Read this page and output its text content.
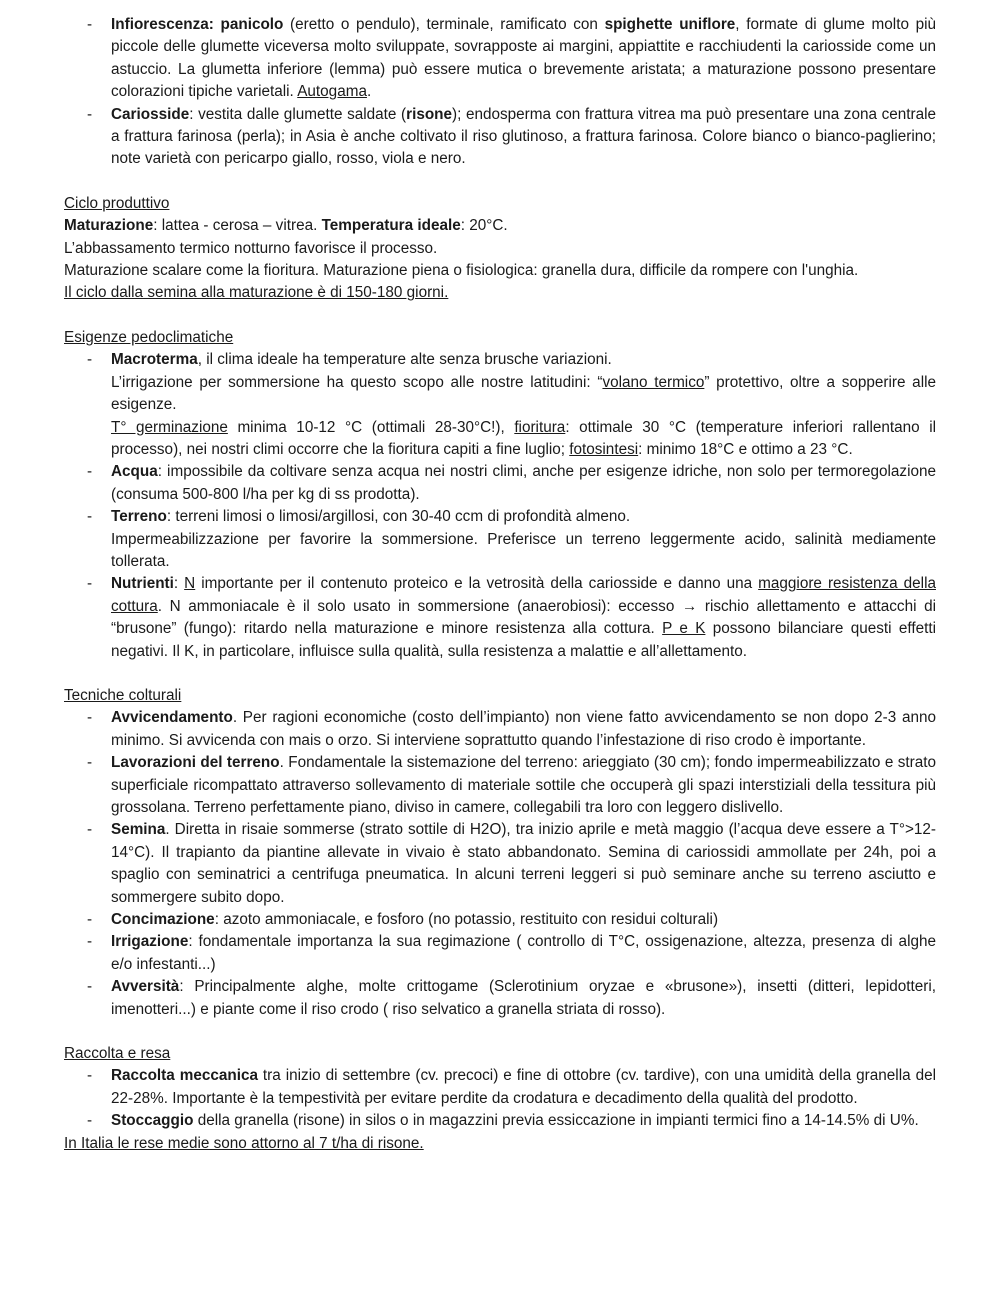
- Infiorescenza: panicolo (eretto o pendulo), terminale, ramificato con spighette uniflore, formate di glume molto più piccole delle glumette viceversa molto sviluppate, sovrapposte ai margini, appiattite e racchiudenti la cariosside come un astuccio. La glumetta inferiore (lemma) può essere mutica o brevemente aristata; a maturazione possono presentare colorazioni tipiche varietali. Autogama.
- Cariosside: vestita dalle glumette saldate (risone); endosperma con frattura vitrea ma può presentare una zona centrale a frattura farinosa (perla); in Asia è anche coltivato il riso glutinoso, a frattura farinosa. Colore bianco o bianco-paglierino; note varietà con pericarpo giallo, rosso, viola e nero.

Ciclo produttivo

Maturazione: lattea - cerosa – vitrea. Temperatura ideale: 20°C.

L’abbassamento termico notturno favorisce il processo.

Maturazione scalare come la fioritura. Maturazione piena o fisiologica: granella dura, difficile da rompere con l'unghia.

Il ciclo dalla semina alla maturazione è di 150-180 giorni.

Esigenze pedoclimatiche

- Macroterma, il clima ideale ha temperature alte senza brusche variazioni.

L’irrigazione per sommersione ha questo scopo alle nostre latitudini: “volano termico” protettivo, oltre a sopperire alle esigenze.

T° germinazione minima 10-12 °C (ottimali 28-30°C!), fioritura: ottimale 30 °C (temperature inferiori rallentano il processo), nei nostri climi occorre che la fioritura capiti a fine luglio; fotosintesi: minimo 18°C e ottimo a 23 °C.

- Acqua: impossibile da coltivare senza acqua nei nostri climi, anche per esigenze idriche, non solo per termoregolazione (consuma 500-800 l/ha per kg di ss prodotta).
- Terreno: terreni limosi o limosi/argillosi, con 30-40 ccm di profondità almeno.

Impermeabilizzazione per favorire la sommersione. Preferisce un terreno leggermente acido, salinità mediamente tollerata.

- Nutrienti: N importante per il contenuto proteico e la vetrosità della cariosside e danno una maggiore resistenza della cottura. N ammoniacale è il solo usato in sommersione (anaerobiosi): eccesso → rischio allettamento e attacchi di “brusone” (fungo): ritardo nella maturazione e minore resistenza alla cottura. P e K possono bilanciare questi effetti negativi. Il K, in particolare, influisce sulla qualità, sulla resistenza a malattie e all’allettamento.

Tecniche colturali

- Avvicendamento. Per ragioni economiche (costo dell’impianto) non viene fatto avvicendamento se non dopo 2-3 anno minimo. Si avvicenda con mais o orzo. Si interviene soprattutto quando l’infestazione di riso crodo è importante.
- Lavorazioni del terreno. Fondamentale la sistemazione del terreno: arieggiato (30 cm); fondo impermeabilizzato e strato superficiale ricompattato attraverso sollevamento di materiale sottile che occuperà gli spazi interstiziali della tessitura più grossolana. Terreno perfettamente piano, diviso in camere, collegabili tra loro con leggero dislivello.
- Semina. Diretta in risaie sommerse (strato sottile di H2O), tra inizio aprile e metà maggio (l’acqua deve essere a T°>12-14°C). Il trapianto da piantine allevate in vivaio è stato abbandonato. Semina di cariossidi ammollate per 24h, poi a spaglio con seminatrici a centrifuga pneumatica. In alcuni terreni leggeri si può seminare anche su terreno asciutto e sommergere subito dopo.
- Concimazione: azoto ammoniacale, e fosforo (no potassio, restituito con residui colturali)
- Irrigazione: fondamentale importanza la sua regimazione ( controllo di T°C, ossigenazione, altezza, presenza di alghe e/o infestanti...)
- Avversità: Principalmente alghe, molte crittogame (Sclerotinium oryzae e «brusone»), insetti (ditteri, lepidotteri, imenotteri...) e piante come il riso crodo ( riso selvatico a granella striata di rosso).

Raccolta e resa

- Raccolta meccanica tra inizio di settembre (cv. precoci) e fine di ottobre (cv. tardive), con una umidità della granella del 22-28%. Importante è la tempestività per evitare perdite da crodatura e decadimento della qualità del prodotto.
- Stoccaggio della granella (risone) in silos o in magazzini previa essiccazione in impianti termici fino a 14-14.5% di U%.

In Italia le rese medie sono attorno al 7 t/ha di risone.
